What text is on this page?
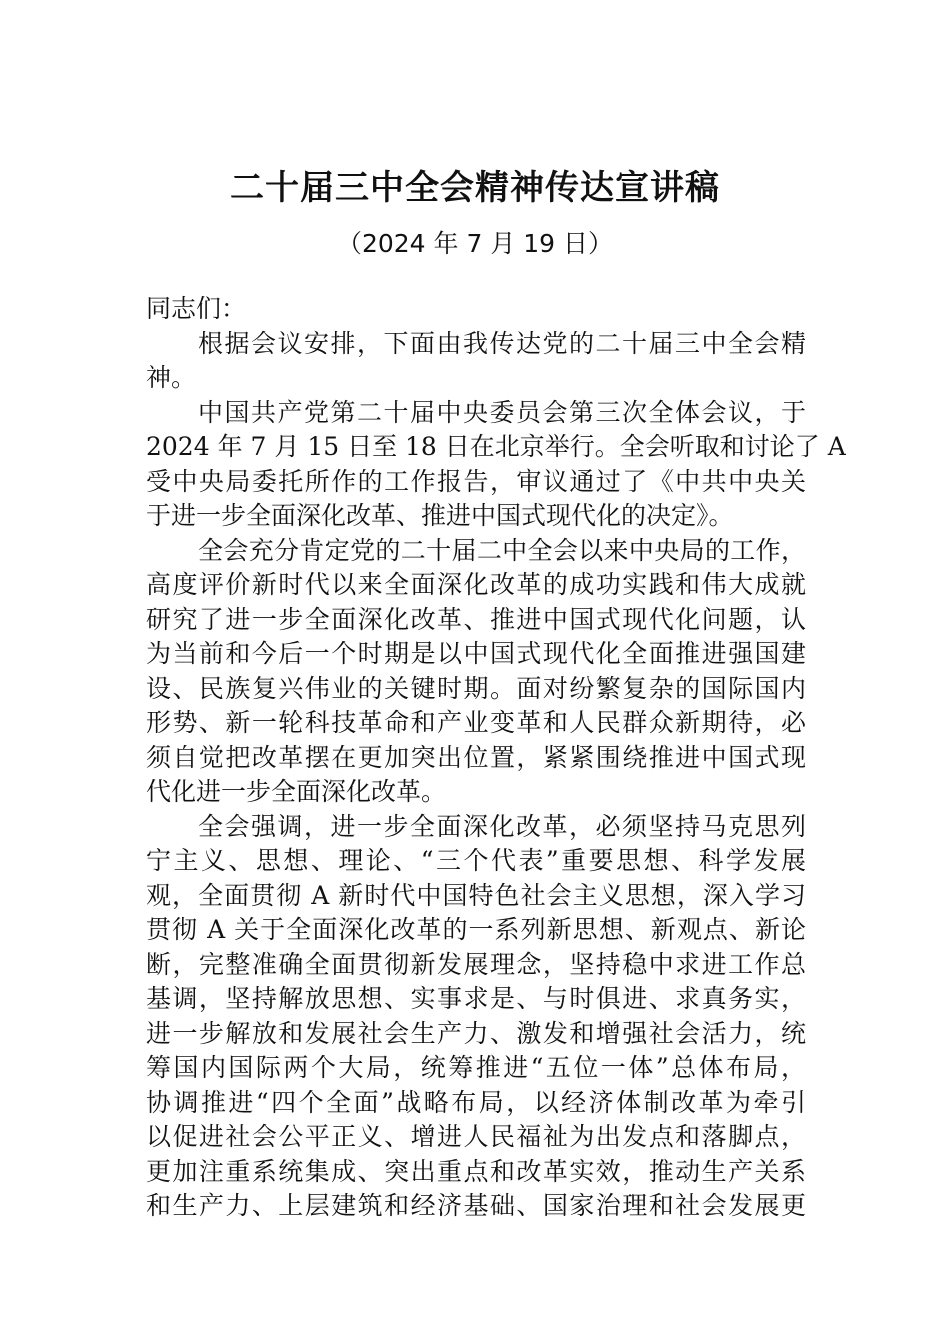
二十届三中全会精神传达宣讲稿
（2024 年 7 月 19 日）
同志们：
根据会议安排，下面由我传达党的二十届三中全会精
神。
中国共产党第二十届中央委员会第三次全体会议，于
2024 年 7 月 15 日至 18 日在北京举行。全会听取和讨论了 A
受中央局委托所作的工作报告，审议通过了《中共中央关
于进一步全面深化改革、推进中国式现代化的决定》。
全会充分肯定党的二十届二中全会以来中央局的工作，
高度评价新时代以来全面深化改革的成功实践和伟大成就
研究了进一步全面深化改革、推进中国式现代化问题，认
为当前和今后一个时期是以中国式现代化全面推进强国建
设、民族复兴伟业的关键时期。面对纷繁复杂的国际国内
形势、新一轮科技革命和产业变革和人民群众新期待，必
须自觉把改革摆在更加突出位置，紧紧围绕推进中国式现
代化进一步全面深化改革。
全会强调，进一步全面深化改革，必须坚持马克思列
宁主义、思想、理论、“三个代表”重要思想、科学发展
观，全面贯彻 A 新时代中国特色社会主义思想，深入学习
贯彻 A 关于全面深化改革的一系列新思想、新观点、新论
断，完整准确全面贯彻新发展理念，坚持稳中求进工作总
基调，坚持解放思想、实事求是、与时俱进、求真务实，
进一步解放和发展社会生产力、激发和增强社会活力，统
筹国内国际两个大局，统筹推进“五位一体”总体布局，
协调推进“四个全面”战略布局，以经济体制改革为牵引
以促进社会公平正义、增进人民福祉为出发点和落脚点，
更加注重系统集成、突出重点和改革实效，推动生产关系
和生产力、上层建筑和经济基础、国家治理和社会发展更
